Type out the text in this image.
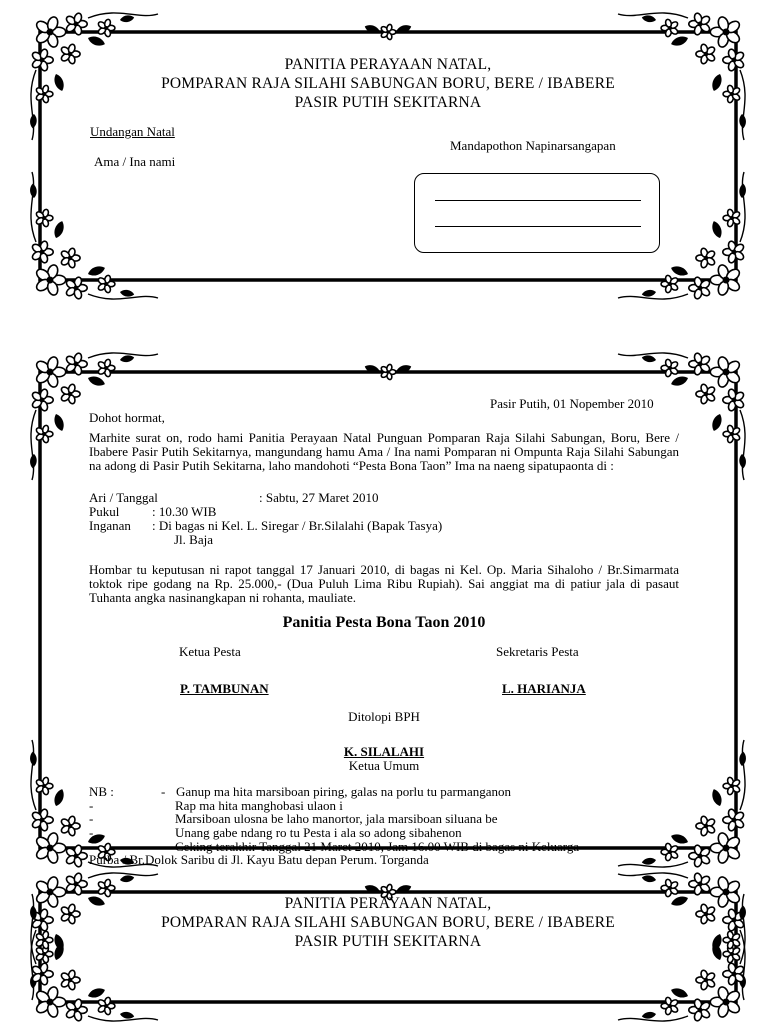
PANITIA PERAYAAN NATAL,
POMPARAN RAJA SILAHI SABUNGAN BORU, BERE / IBABERE
PASIR PUTIH SEKITARNA
Undangan Natal
Ama / Ina nami
Mandapothon Napinarsangapan
Pasir Putih, 01 Nopember 2010
Dohot hormat,
Marhite surat on, rodo hami Panitia Perayaan Natal Punguan Pomparan Raja Silahi Sabungan, Boru, Bere / Ibabere Pasir Putih Sekitarnya, mangundang hamu Ama / Ina nami Pomparan ni Ompunta Raja Silahi Sabungan na adong di Pasir Putih Sekitarna, laho mandohoti “Pesta Bona Taon” Ima na naeng sipatupaonta di :
Ari / Tanggal	: Sabtu, 27 Maret 2010
Pukul	: 10.30 WIB
Inganan : Di bagas ni Kel. L. Siregar / Br.Silalahi (Bapak Tasya)
Jl. Baja
Hombar tu keputusan ni rapot tanggal 17 Januari 2010, di bagas ni Kel. Op. Maria Sihaloho / Br.Simarmata toktok ripe godang na Rp. 25.000,- (Dua Puluh Lima Ribu Rupiah). Sai anggiat ma di patiur jala di pasaut Tuhanta angka nasinangkapan ni rohanta, mauliate.
Panitia Pesta Bona Taon 2010
Ketua Pesta	Sekretaris Pesta
P. TAMBUNAN	L. HARIANJA
Ditolopi BPH
K. SILALAHI
Ketua Umum
NB :	- Ganup ma hita marsiboan piring, galas na porlu tu parmanganon
-	Rap ma hita manghobasi ulaon i
-	Marsiboan ulosna be laho manortor, jala marsiboan siluana be
-	Unang gabe ndang ro tu Pesta i ala so adong sibahenon
-	Ceking terakhir Tanggal 21 Maret 2010, Jam 16.00 WIB di bagas ni Keluarga
Purba / Br.Dolok Saribu di Jl. Kayu Batu depan Perum. Torganda
PANITIA PERAYAAN NATAL,
POMPARAN RAJA SILAHI SABUNGAN BORU, BERE / IBABERE
PASIR PUTIH SEKITARNA
